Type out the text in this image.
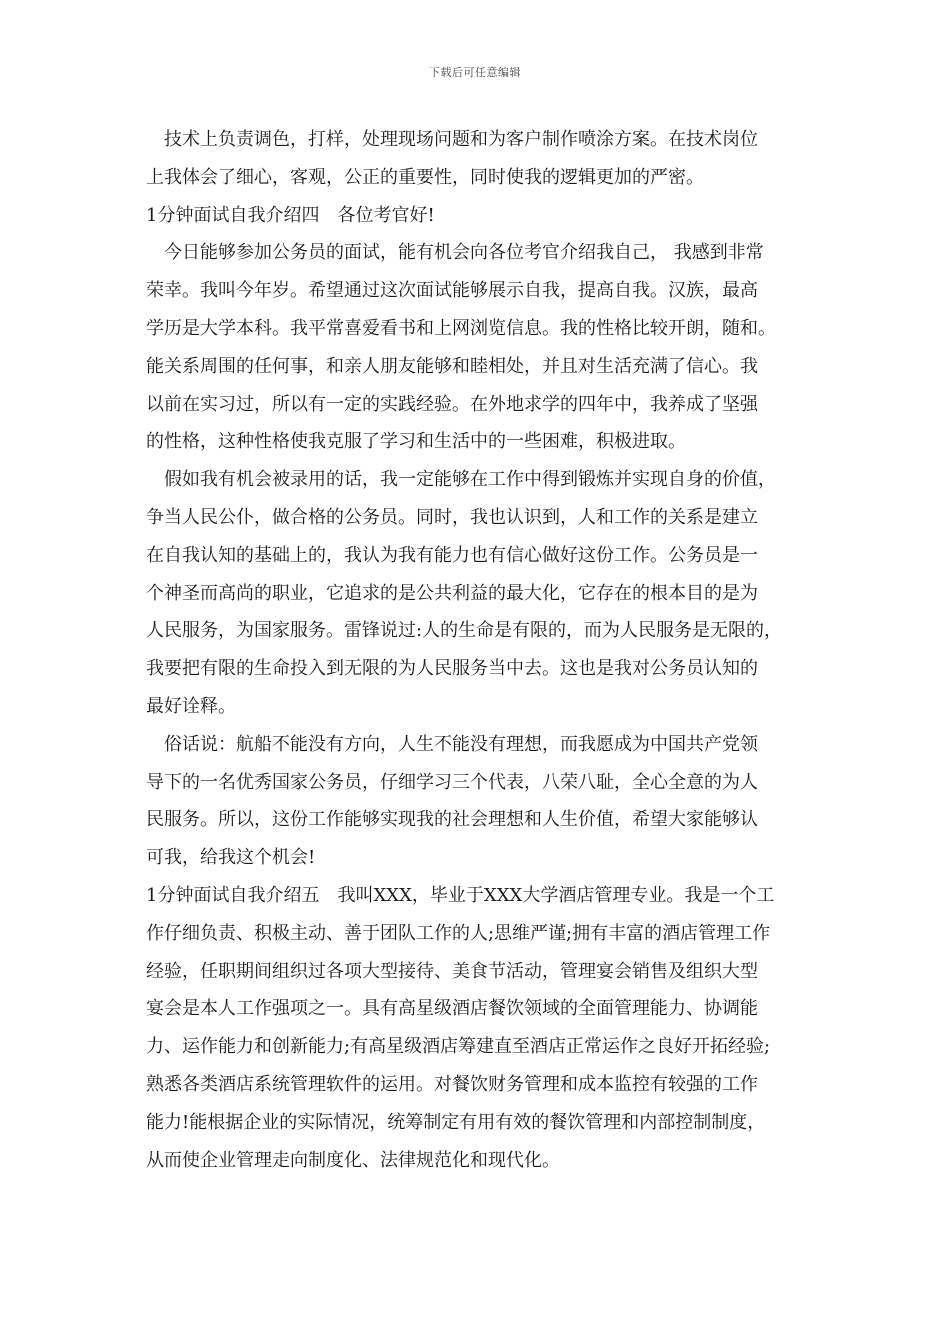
下载后可任意编辑
技术上负责调色，打样，处理现场问题和为客户制作喷涂方案。在技术岗位
上我体会了细心，客观，公正的重要性，同时使我的逻辑更加的严密。
1分钟面试自我介绍四　各位考官好!
今日能够参加公务员的面试，能有机会向各位考官介绍我自己， 我感到非常
荣幸。我叫今年岁。希望通过这次面试能够展示自我，提高自我。汉族，最高
学历是大学本科。我平常喜爱看书和上网浏览信息。我的性格比较开朗，随和。
能关系周围的任何事，和亲人朋友能够和睦相处，并且对生活充满了信心。我
以前在实习过，所以有一定的实践经验。在外地求学的四年中，我养成了坚强
的性格，这种性格使我克服了学习和生活中的一些困难，积极进取。
假如我有机会被录用的话，我一定能够在工作中得到锻炼并实现自身的价值，
争当人民公仆，做合格的公务员。同时，我也认识到，人和工作的关系是建立
在自我认知的基础上的，我认为我有能力也有信心做好这份工作。公务员是一
个神圣而高尚的职业，它追求的是公共利益的最大化，它存在的根本目的是为
人民服务，为国家服务。雷锋说过:人的生命是有限的，而为人民服务是无限的，
我要把有限的生命投入到无限的为人民服务当中去。这也是我对公务员认知的
最好诠释。
俗话说：航船不能没有方向，人生不能没有理想，而我愿成为中国共产党领
导下的一名优秀国家公务员，仔细学习三个代表，八荣八耻，全心全意的为人
民服务。所以，这份工作能够实现我的社会理想和人生价值，希望大家能够认
可我，给我这个机会!
1分钟面试自我介绍五　我叫XXX，毕业于XXX大学酒店管理专业。我是一个工
作仔细负责、积极主动、善于团队工作的人;思维严谨;拥有丰富的酒店管理工作
经验，任职期间组织过各项大型接待、美食节活动，管理宴会销售及组织大型
宴会是本人工作强项之一。具有高星级酒店餐饮领域的全面管理能力、协调能
力、运作能力和创新能力;有高星级酒店筹建直至酒店正常运作之良好开拓经验;
熟悉各类酒店系统管理软件的运用。对餐饮财务管理和成本监控有较强的工作
能力!能根据企业的实际情况，统筹制定有用有效的餐饮管理和内部控制制度，
从而使企业管理走向制度化、法律规范化和现代化。
